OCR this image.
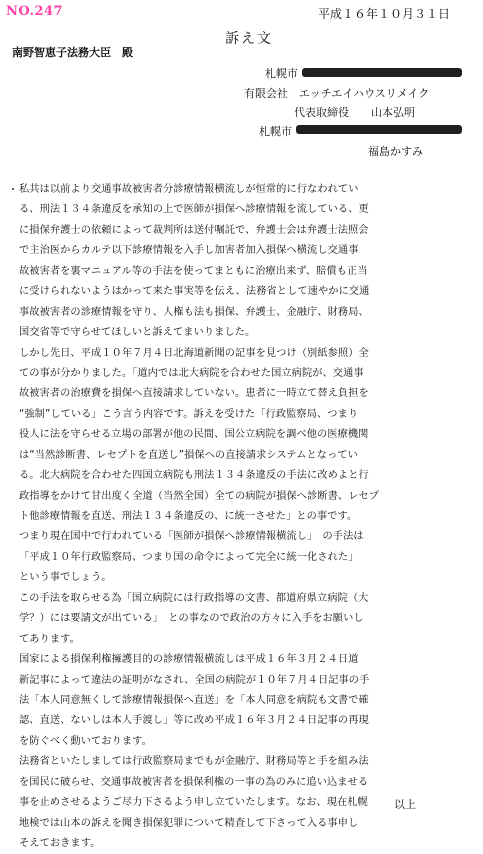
NO.247	平成１６年１０月３１日
訴え文
南野智恵子法務大臣　殿
札幌市
有限会社　エッチエイハウスリメイク
代表取締役　　山本弘明
札幌市
福島かすみ
・ 私共は以前より交通事故被害者分診療情報横流しが恒常的に行なわれてい
る、刑法１３４条違反を承知の上で医師が損保へ診療情報を流している、更
に損保弁護士の依頼によって裁判所は送付嘱託で、弁護士会は弁護士法照会
で主治医からカルテ以下診療情報を入手し加害者加入損保へ横流し交通事
故被害者を裏マニュアル等の手法を使ってまともに治療出来ず、賠償も正当
に受けられないようはかって来た事実等を伝え、法務省として速やかに交通
事故被害者の診療情報を守り、人権も法も損保、弁護士、金融庁、財務局、
国交省等で守らせてほしいと訴えてまいりました。
しかし先日、平成１０年７月４日北海道新聞の記事を見つけ（別紙参照）全
ての事が分かりました。「道内では北大病院を合わせた国立病院が、交通事
故被害者の治療費を損保へ直接請求していない。患者に一時立て替え負担を
“強制”している」こう言う内容です。訴えを受けた「行政監察局、つまり
役人に法を守らせる立場の部署が他の民間、国公立病院を調べ他の医療機関
は“当然診断書、レセプトを直送し”損保への直接請求システムとなってい
る。北大病院を合わせた四国立病院も刑法１３４条違反の手法に改めよと行
政指導をかけて甘出度く全道（当然全国）全ての病院が損保へ診断書、レセプ
ト他診療情報を直送、刑法１３４条違反の、に統一させた」との事です。
つまり現在国中で行われている「医師が損保へ診療情報横流し」　の手法は
「平成１０年行政監察局、つまり国の命令によって完全に統一化された」
という事でしょう。
この手法を取らせる為「国立病院には行政指導の文書、都道府県立病院（大
学？）には要請文が出ている」　との事なので政治の方々に入手をお願いし
てあります。
国家による損保利権擁護目的の診療情報横流しは平成１６年３月２４日道
新記事によって違法の証明がなされ、全国の病院が１０年７月４日記事の手
法「本人同意無くして診療情報損保へ直送」を「本人同意を病院も文書で確
認、直送、ないしは本人手渡し」等に改め平成１６年３月２４日記事の再現
を防ぐべく動いております。
法務省といたしましては行政監察局までもが金融庁、財務局等と手を組み法
を国民に破らせ、交通事故被害者を損保利権の一事の為のみに追い込ませる
事を止めさせるようご尽力下さるよう申し立ていたします。なお、現在札幌
地検では山本の訴えを聞き損保犯罪について精査して下さって入る事申し
そえておきます。
以上
